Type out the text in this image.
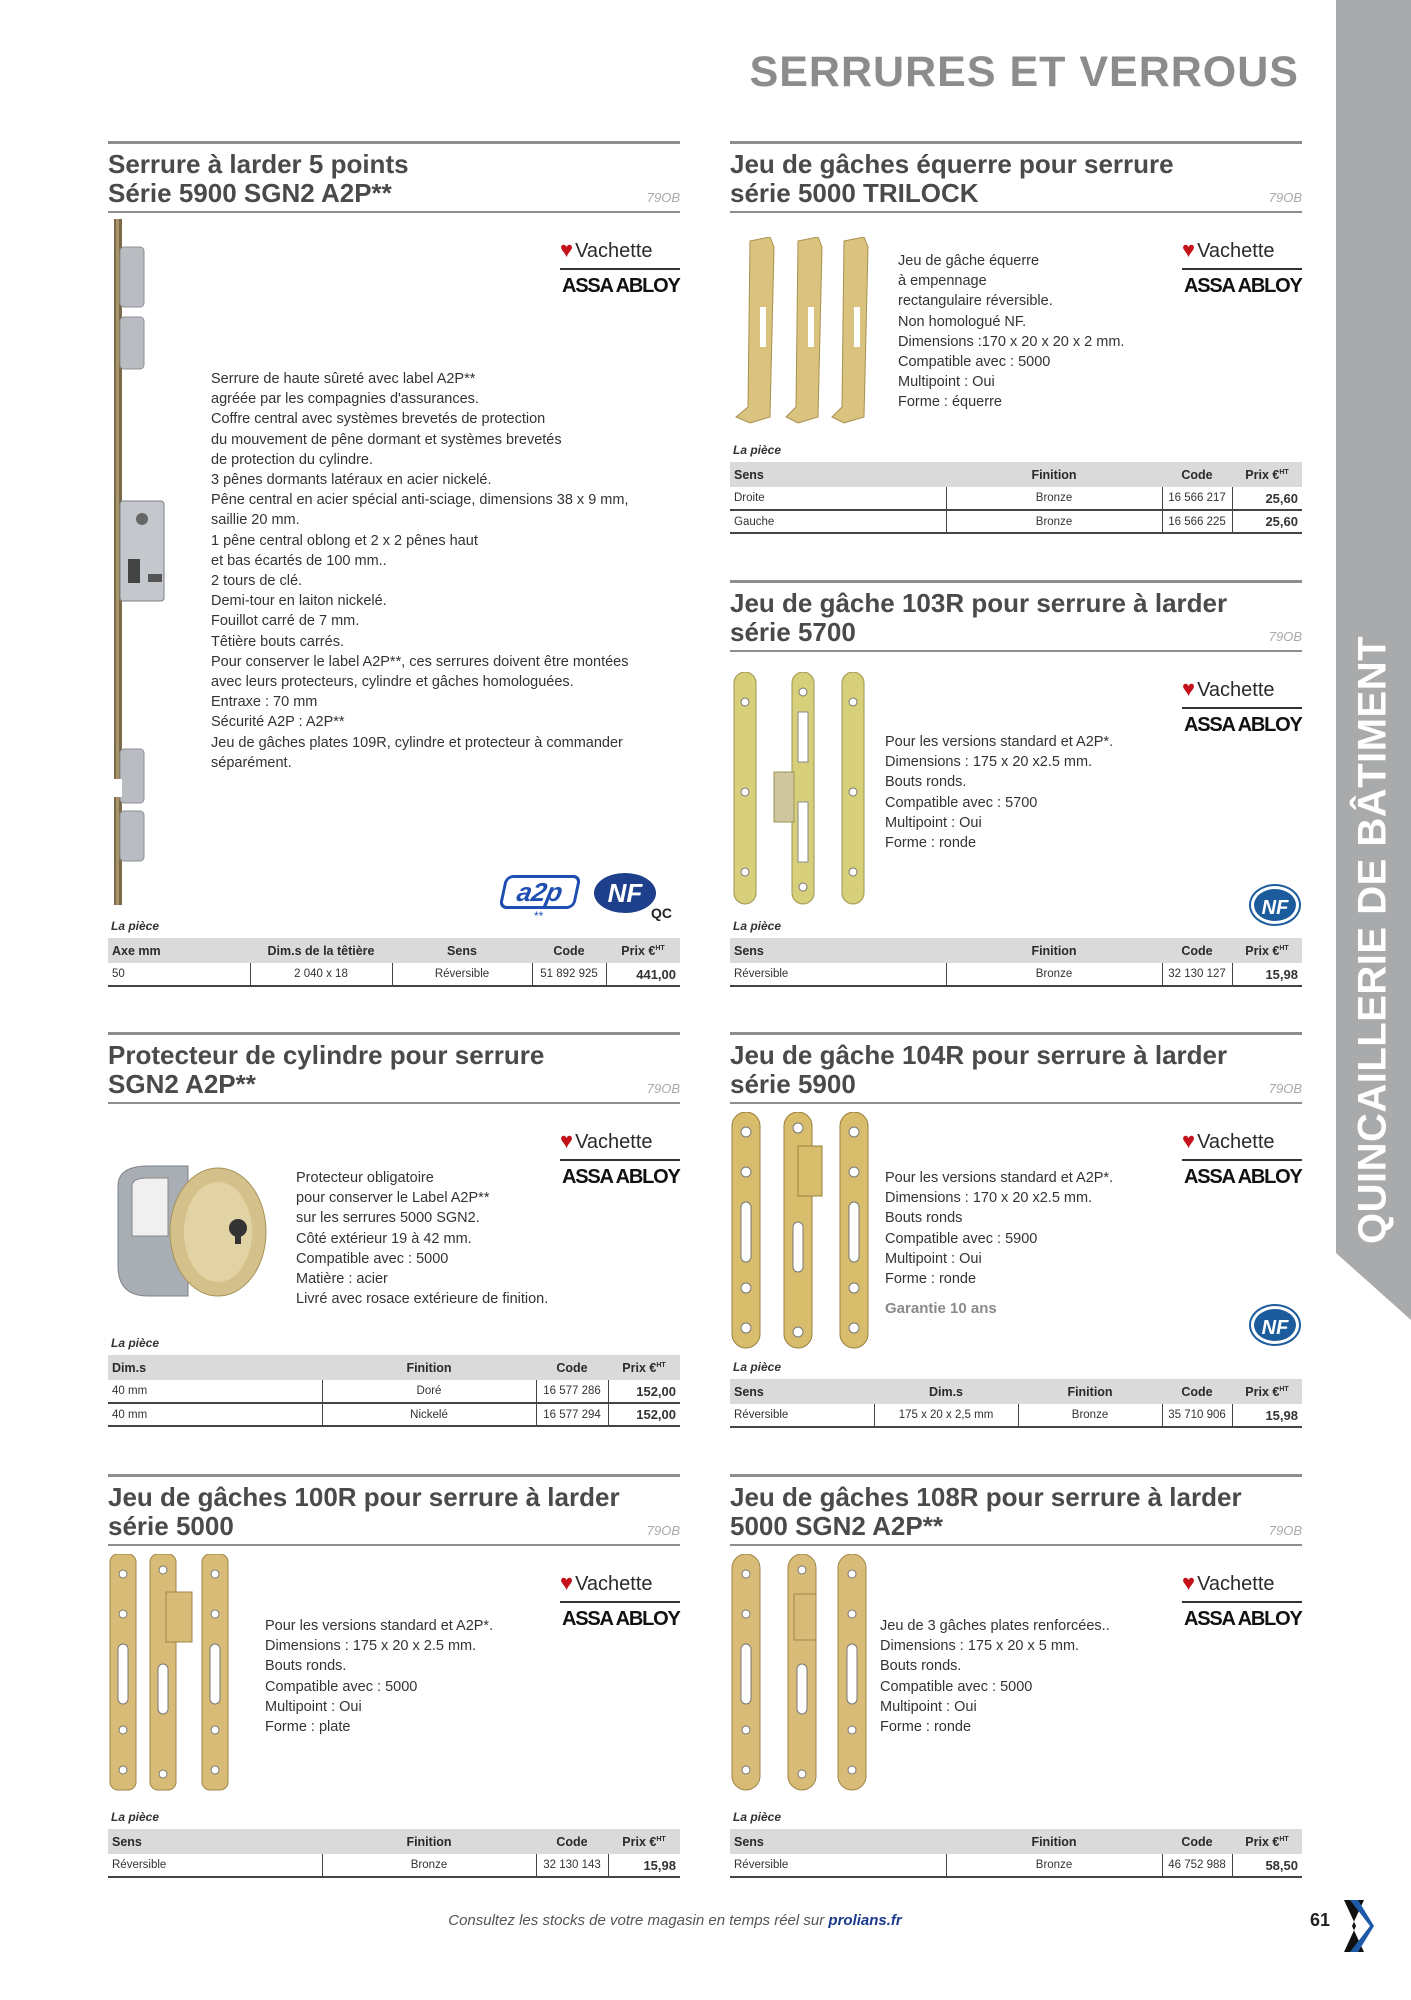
SERRURES ET VERROUS
QUINCAILLERIE DE BÂTIMENT
Serrure à larder 5 points
Série 5900 SGN2 A2P**	79OB
♥ Vachette
ASSA ABLOY

Serrure de haute sûreté avec label A2P**

agréée par les compagnies d'assurances.

Coffre central avec systèmes brevetés de protection

du mouvement de pêne dormant et systèmes brevetés

de protection du cylindre.

3 pênes dormants latéraux en acier nickelé.

Pêne central en acier spécial anti-sciage, dimensions 38 x 9 mm,

saillie 20 mm.

1 pêne central oblong et 2 x 2 pênes haut

et bas écartés de 100 mm..

2 tours de clé.

Demi-tour en laiton nickelé.

Fouillot carré de 7 mm.

Têtière bouts carrés.

Pour conserver le label A2P**, ces serrures doivent être montées

avec leurs protecteurs, cylindre et gâches homologuées.

Entraxe : 70 mm

Sécurité A2P : A2P**

Jeu de gâches plates 109R, cylindre et protecteur à commander

séparément.

a2p
**
NF
QC
La pièce
Axe mm	Dim.s de la têtière	Sens	Code	Prix €$^{HT}$
50	2 040 x 18	Réversible	51 892 925	441,00
Jeu de gâches équerre pour serrure
série 5000 TRILOCK	79OB

Jeu de gâche équerre

à empennage

rectangulaire réversible.

Non homologué NF.

Dimensions :170 x 20 x 20 x 2 mm.

Compatible avec : 5000

Multipoint : Oui

Forme : équerre

♥ Vachette
ASSA ABLOY
La pièce
Sens	Finition	Code	Prix €$^{HT}$
Droite	Bronze	16 566 217	25,60
Gauche	Bronze	16 566 225	25,60
Jeu de gâche 103R pour serrure à larder
série 5700	79OB

Pour les versions standard et A2P*.

Dimensions : 175 x 20 x2.5 mm.

Bouts ronds.

Compatible avec : 5700

Multipoint : Oui

Forme : ronde

♥ Vachette
ASSA ABLOY
NF
La pièce
Sens	Finition	Code	Prix €$^{HT}$
Réversible	Bronze	32 130 127	15,98
Protecteur de cylindre pour serrure
SGN2 A2P**	79OB

Protecteur obligatoire

pour conserver le Label A2P**

sur les serrures 5000 SGN2.

Côté extérieur 19 à 42 mm.

Compatible avec : 5000

Matière : acier

Livré avec rosace extérieure de finition.

♥ Vachette
ASSA ABLOY
La pièce
Dim.s	Finition	Code	Prix €$^{HT}$
40 mm	Doré	16 577 286	152,00
40 mm	Nickelé	16 577 294	152,00
Jeu de gâche 104R pour serrure à larder
série 5900	79OB

Pour les versions standard et A2P*.

Dimensions : 170 x 20 x2.5 mm.

Bouts ronds

Compatible avec : 5900

Multipoint : Oui

Forme : ronde

Garantie 10 ans
♥ Vachette
ASSA ABLOY
NF
La pièce
Sens	Dim.s	Finition	Code	Prix €$^{HT}$
Réversible	175 x 20 x 2,5 mm	Bronze	35 710 906	15,98
Jeu de gâches 100R pour serrure à larder
série 5000	79OB

Pour les versions standard et A2P*.

Dimensions : 175 x 20 x 2.5 mm.

Bouts ronds.

Compatible avec : 5000

Multipoint : Oui

Forme : plate

♥ Vachette
ASSA ABLOY
La pièce
Sens	Finition	Code	Prix €$^{HT}$
Réversible	Bronze	32 130 143	15,98
Jeu de gâches 108R pour serrure à larder
5000 SGN2 A2P**	79OB

Jeu de 3 gâches plates renforcées..

Dimensions : 175 x 20 x 5 mm.

Bouts ronds.

Compatible avec : 5000

Multipoint : Oui

Forme : ronde

♥ Vachette
ASSA ABLOY
La pièce
Sens	Finition	Code	Prix €$^{HT}$
Réversible	Bronze	46 752 988	58,50
Consultez les stocks de votre magasin en temps réel sur prolians.fr	61
